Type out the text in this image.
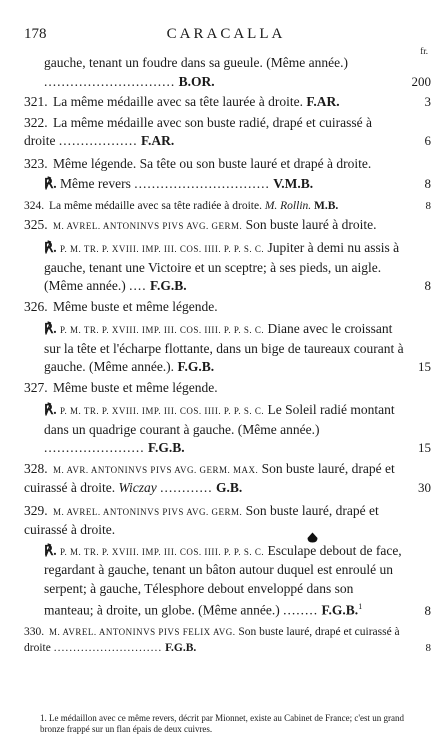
178	CARACALLA
fr.
gauche, tenant un foudre dans sa gueule. (Même année.) .............................. B.OR.	200
321. La même médaille avec sa tête laurée à droite. F.AR.	3
322. La même médaille avec son buste radié, drapé et cuirassé à droite .................. F.AR.	6
323. Même légende. Sa tête ou son buste lauré et drapé à droite.
℟. Même revers ............................... V.M.B.	8
324. La même médaille avec sa tête radiée à droite. M. Rollin. M.B.	8
325. M. AVREL. ANTONINVS PIVS AVG. GERM. Son buste lauré à droite.
℟. P. M. TR. P. XVIII. IMP. III. COS. IIII. P. P. S. C. Jupiter à demi nu assis à gauche, tenant une Victoire et un sceptre; à ses pieds, un aigle. (Même année.) .... F.G.B.	8
326. Même buste et même légende.
℟. P. M. TR. P. XVIII. IMP. III. COS. IIII. P. P. S. C. Diane avec le croissant sur la tête et l'écharpe flottante, dans un bige de taureaux courant à gauche. (Même année.). F.G.B.	15
327. Même buste et même légende.
℟. P. M. TR. P. XVIII. IMP. III. COS. IIII. P. P. S. C. Le Soleil radié montant dans un quadrige courant à gauche. (Même année.) ....................... F.G.B.	15
328. M. AVR. ANTONINVS PIVS AVG. GERM. MAX. Son buste lauré, drapé et cuirassé à droite. Wiczay ............ G.B.	30
329. M. AVREL. ANTONINVS PIVS AVG. GERM. Son buste lauré, drapé et cuirassé à droite.
℟. P. M. TR. P. XVIII. IMP. III. COS. IIII. P. P. S. C. Esculape debout de face, regardant à gauche, tenant un bâton autour duquel est enroulé un serpent; à gauche, Télesphore debout enveloppé dans son manteau; à droite, un globe. (Même année.) ........ F.G.B.$^1$	8
330. M. AVREL. ANTONINVS PIVS FELIX AVG. Son buste lauré, drapé et cuirassé à droite ............................ F.G.B.	8
1. Le médaillon avec ce même revers, décrit par Mionnet, existe au Cabinet de France; c'est un grand bronze frappé sur un flan épais de deux cuivres.
